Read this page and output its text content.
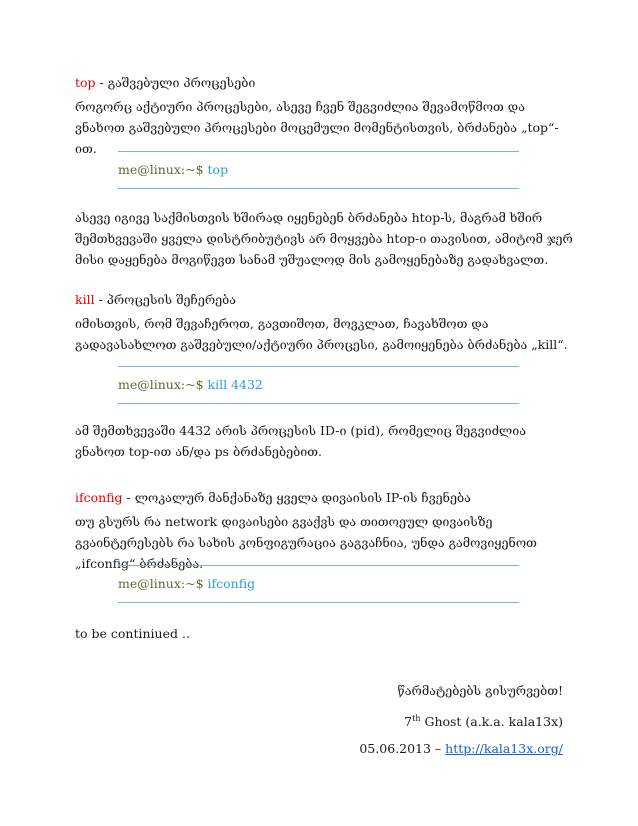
top - გაშვებული პროცესები

როგორც აქტიური პროცესები, ასევე ჩვენ შეგვიძლია შევამოწმოთ და ვნახოთ გაშვებული პროცესები მოცემული მომენტისთვის, ბრძანება „top“-ით.

me@linux:~$ top

ასევე იგივე საქმისთვის ხშირად იყენებენ ბრძანება htop-ს, მაგრამ ხშირ შემთხვევაში ყველა დისტრიბუტივს არ მოყვება htop-ი თავისით, ამიტომ ჯერ მისი დაყენება მოგიწევთ სანამ უშუალოდ მის გამოყენებაზე გადახვალთ.

kill - პროცესის შეჩერება

იმისთვის, რომ შევაჩეროთ, გავთიშოთ, მოვკლათ, ჩავახშოთ და გადავასახლოთ გაშვებული/აქტიური პროცესი, გამოიყენება ბრძანება „kill“.

me@linux:~$ kill 4432

ამ შემთხვევაში 4432 არის პროცესის ID-ი (pid), რომელიც შეგვიძლია ვნახოთ top-ით ან/და ps ბრძანებებით.

ifconfig - ლოკალურ მანქანაზე ყველა დივაისის IP-ის ჩვენება

თუ გსურს რა network დივაისები გვაქვს და თითოეულ დივაისზე გვაინტერესებს რა სახის კონფიგურაცია გაგვაჩნია, უნდა გამოვიყენოთ „ifconfig“ ბრძანება.

me@linux:~$ ifconfig
to be continiued ..
წარმატებებს გისურვებთ!
7th Ghost (a.k.a. kala13x)
05.06.2013 – http://kala13x.org/
